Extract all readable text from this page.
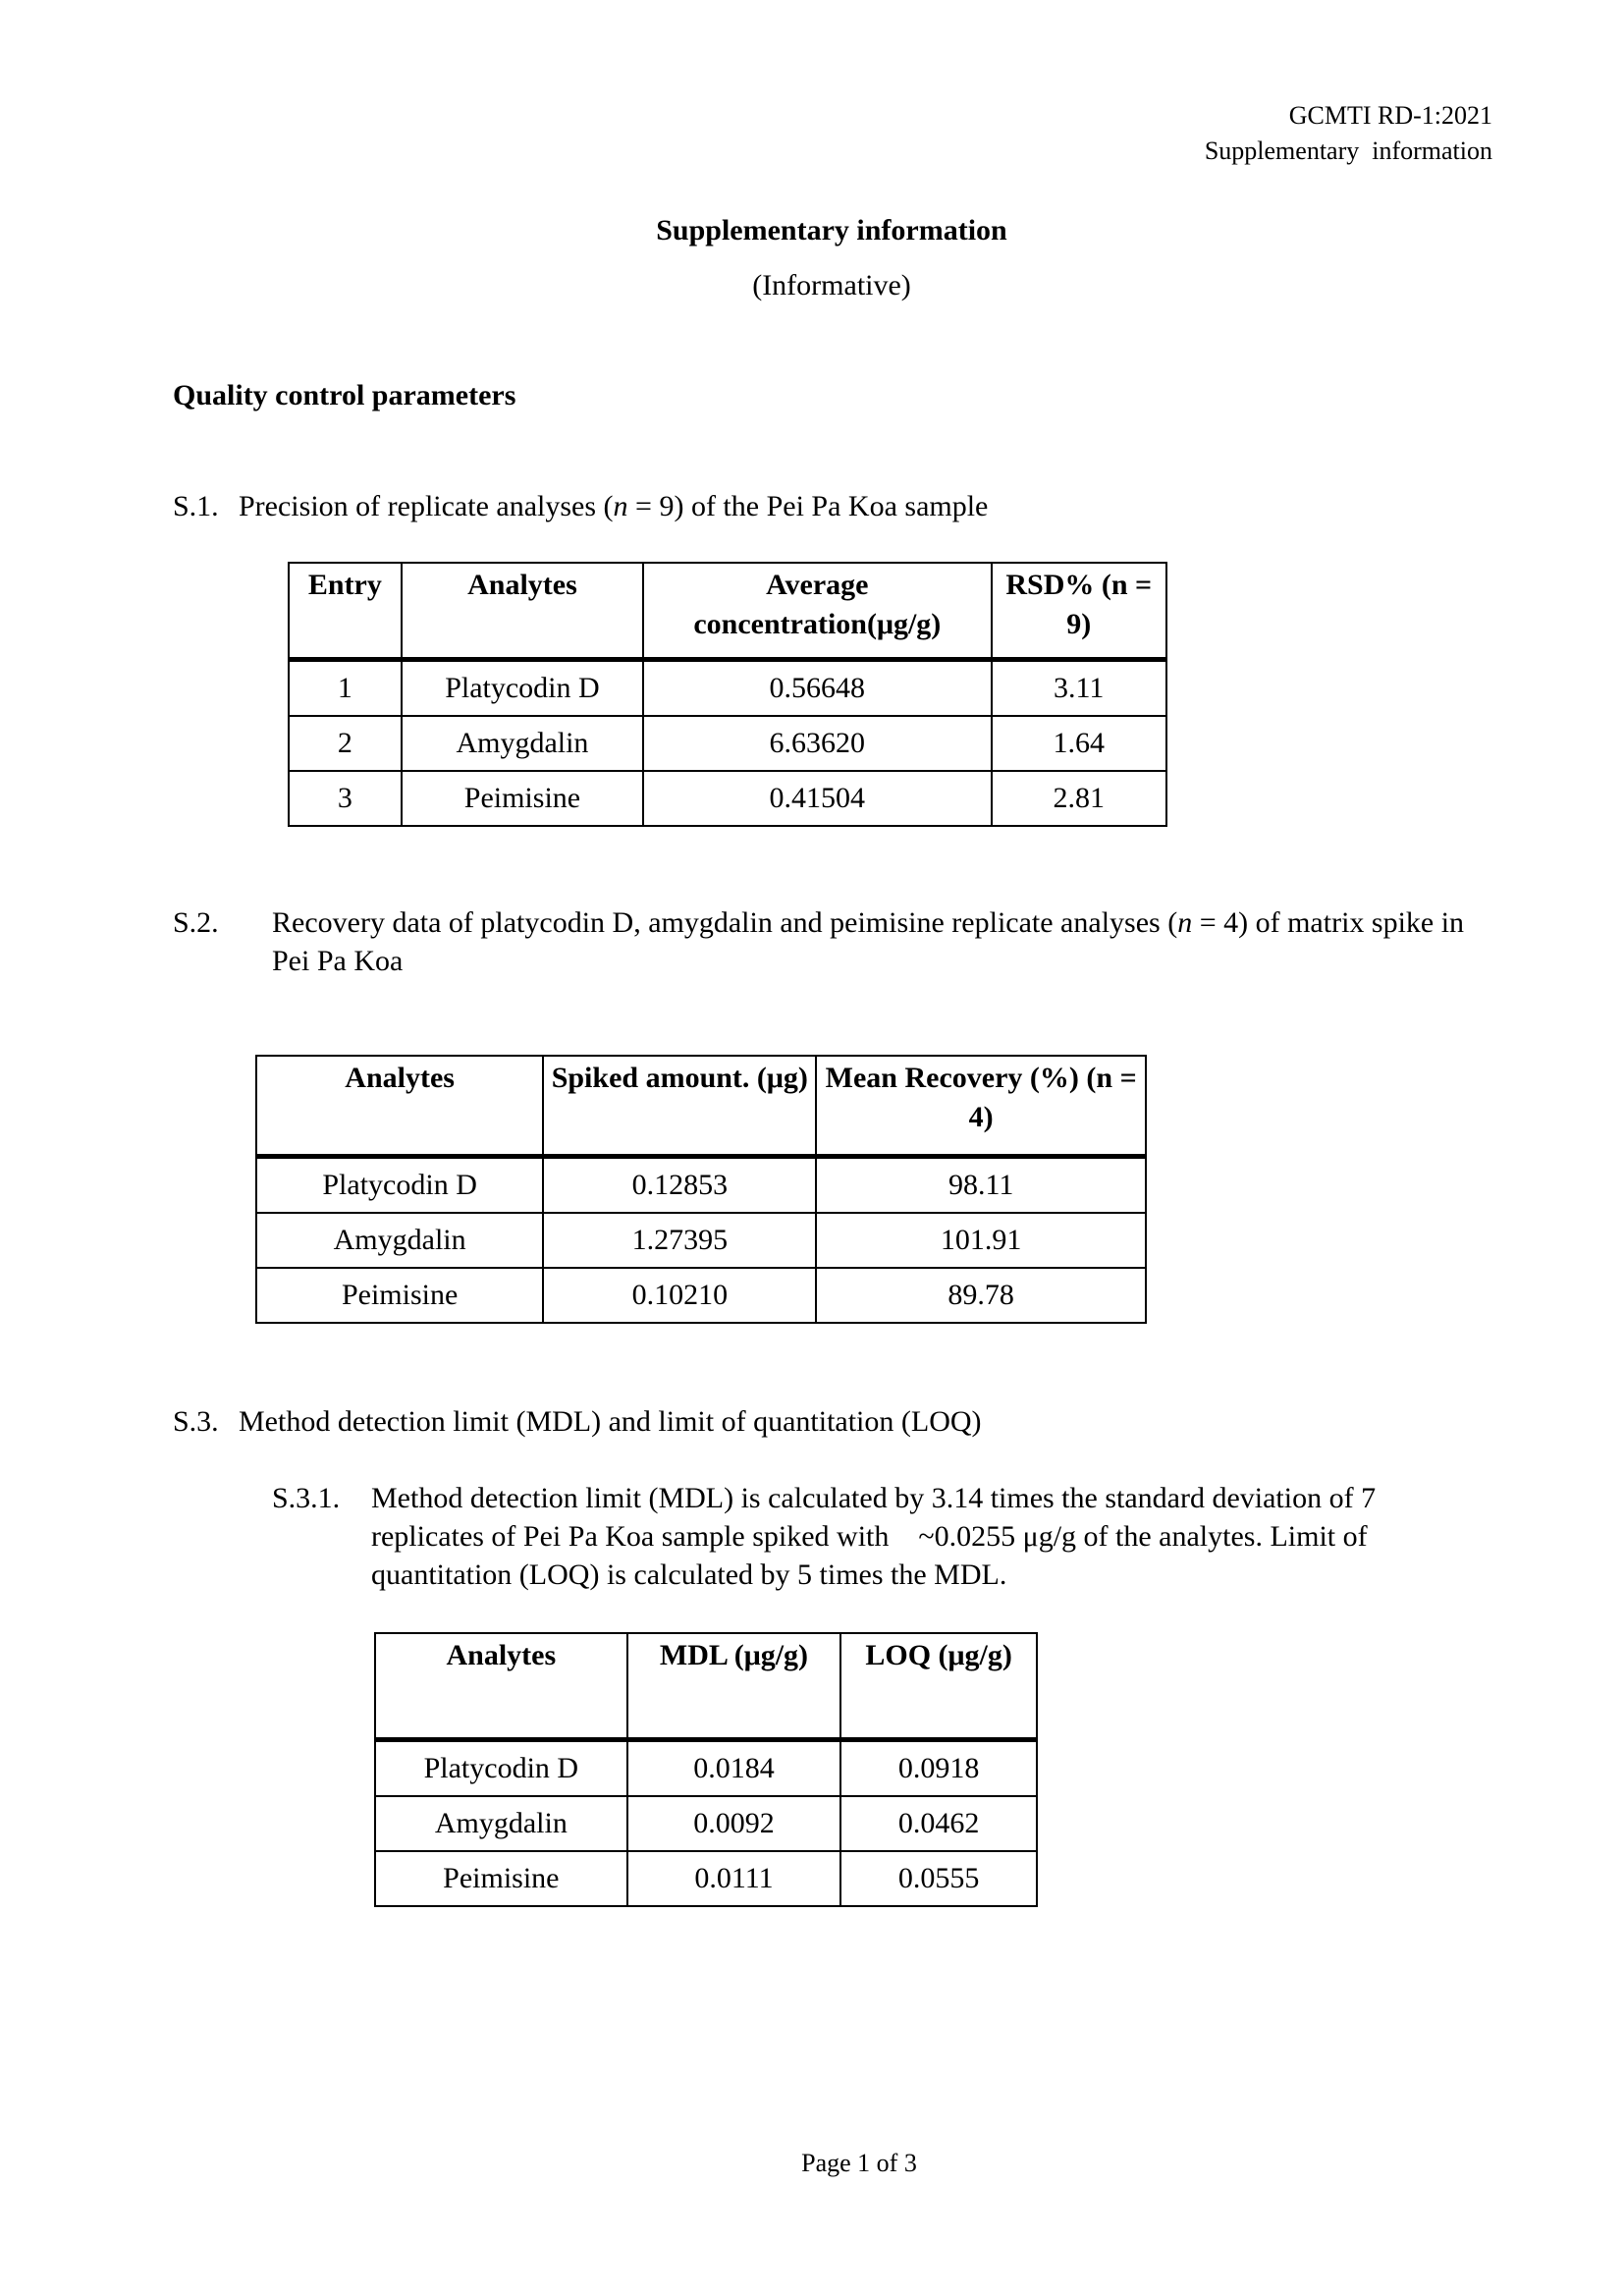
GCMTI RD-1:2021
Supplementary  information
Supplementary information
(Informative)
Quality control parameters
S.1. Precision of replicate analyses (n = 9) of the Pei Pa Koa sample
Entry	Analytes	Average concentration(μg/g)	RSD% (n = 9)
1	Platycodin D	0.56648	3.11
2	Amygdalin	6.63620	1.64
3	Peimisine	0.41504	2.81
S.2. Recovery data of platycodin D, amygdalin and peimisine replicate analyses (n = 4) of matrix spike in Pei Pa Koa
Analytes	Spiked amount. (μg)	Mean Recovery (%) (n = 4)
Platycodin D	0.12853	98.11
Amygdalin	1.27395	101.91
Peimisine	0.10210	89.78
S.3. Method detection limit (MDL) and limit of quantitation (LOQ)
S.3.1. Method detection limit (MDL) is calculated by 3.14 times the standard deviation of 7 replicates of Pei Pa Koa sample spiked with    ~0.0255 μg/g of the analytes. Limit of quantitation (LOQ) is calculated by 5 times the MDL.
Analytes	MDL (μg/g)	LOQ (μg/g)
Platycodin D	0.0184	0.0918
Amygdalin	0.0092	0.0462
Peimisine	0.0111	0.0555
Page 1 of 3
